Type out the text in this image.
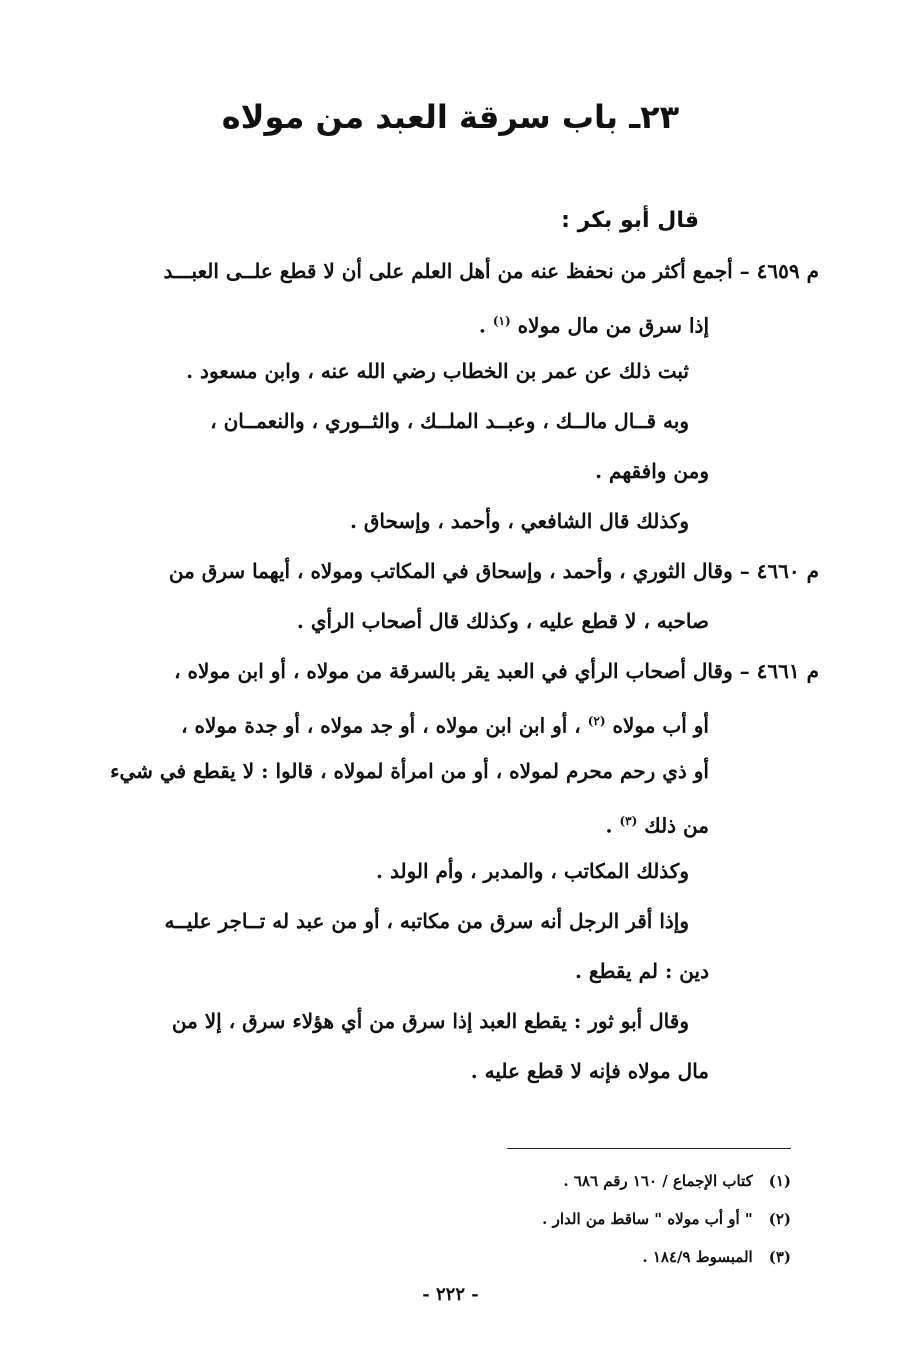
٢٣ـ باب سرقة العبد من مولاه
قال أبو بكر :
م ٤٦٥٩ – أجمع أكثر من نحفظ عنه من أهل العلم على أن لا قطع علــى العبـــد
إذا سرق من مال مولاه $^{(١)}$ .
ثبت ذلك عن عمر بن الخطاب رضي الله عنه ، وابن مسعود .
وبه قــال مالــك ، وعبــد الملــك ، والثــوري ، والنعمــان ،
ومن وافقهم .
وكذلك قال الشافعي ، وأحمد ، وإسحاق .
م ٤٦٦٠ – وقال الثوري ، وأحمد ، وإسحاق في المكاتب ومولاه ، أيهما سرق من
صاحبه ، لا قطع عليه ، وكذلك قال أصحاب الرأي .
م ٤٦٦١ – وقال أصحاب الرأي في العبد يقر بالسرقة من مولاه ، أو ابن مولاه ،
أو أب مولاه $^{(٢)}$ ، أو ابن ابن مولاه ، أو جد مولاه ، أو جدة مولاه ،
أو ذي رحم محرم لمولاه ، أو من امرأة لمولاه ، قالوا : لا يقطع في شيء
من ذلك $^{(٣)}$ .
وكذلك المكاتب ، والمدبر ، وأم الولد .
وإذا أقر الرجل أنه سرق من مكاتبه ، أو من عبد له تــاجر عليــه
دين : لم يقطع .
وقال أبو ثور : يقطع العبد إذا سرق من أي هؤلاء سرق ، إلا من
مال مولاه فإنه لا قطع عليه .
(١)
كتاب الإجماع / ١٦٠ رقم ٦٨٦ .
(٢)
" أو أب مولاه " ساقط من الدار .
(٣)
المبسوط ١٨٤/٩ .
- ٢٢٢ -
